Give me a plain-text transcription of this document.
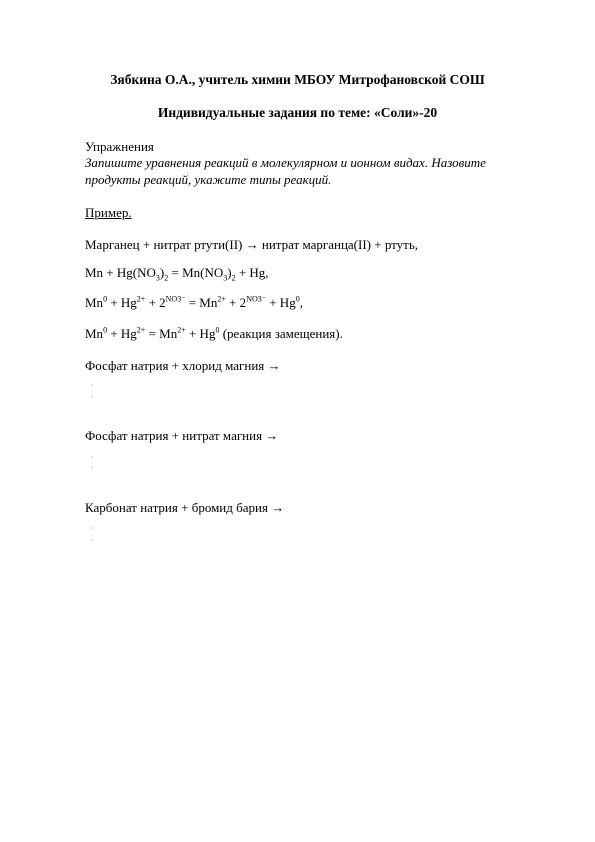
Зябкина О.А., учитель химии МБОУ Митрофановской СОШ
Индивидуальные задания по теме: «Соли»-20
Упражнения
Запишите уравнения реакций в молекулярном и ионном видах. Назовите
продукты реакций, укажите типы реакций.
Пример.
Марганец + нитрат ртути(II) → нитрат марганца(II) + ртуть,
$Mn + Hg(NO_3)_2 = Mn(NO_3)_2 + Hg$,
$Mn^0 + Hg^{2+} + 2^{NO3^-} = Mn^{2+} + 2^{NO3^-} + Hg^0$,
$Mn^0 + Hg^{2+} = Mn^{2+} + Hg^0$ (реакция замещения).
Фосфат натрия + хлорид магния →
·
·
Фосфат натрия + нитрат магния →
·
·
Карбонат натрия + бромид бария →
·
·
